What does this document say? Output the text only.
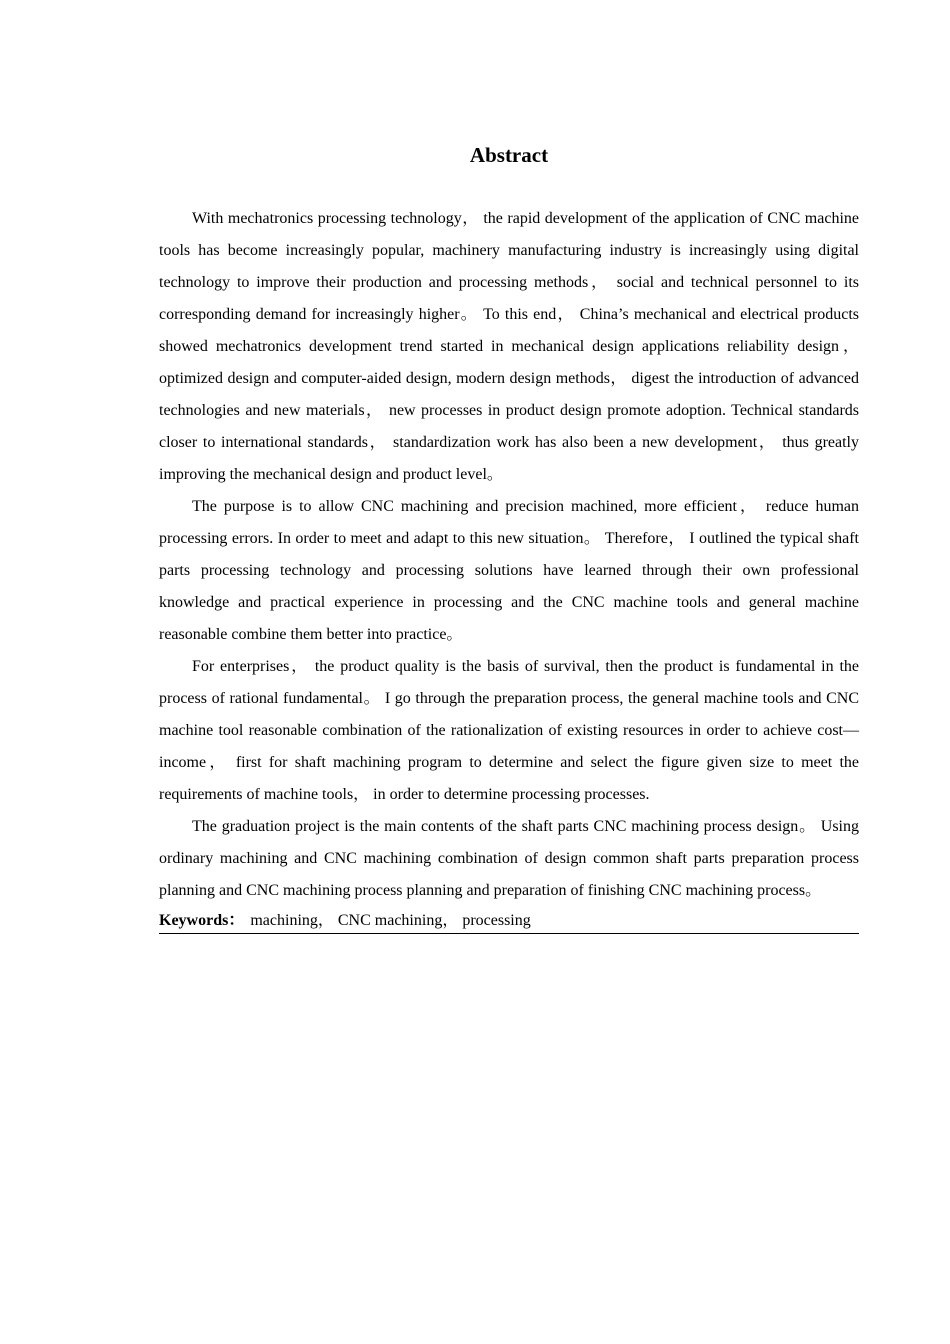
Abstract

With mechatronics processing technology， the rapid development of the application of CNC machine tools has become increasingly popular, machinery manufacturing industry is increasingly using digital technology to improve their production and processing methods， social and technical personnel to its corresponding demand for increasingly higher。 To this end， China’s mechanical and electrical products showed mechatronics development trend started in mechanical design applications reliability design， optimized design and computer-aided design, modern design methods， digest the introduction of advanced technologies and new materials， new processes in product design promote adoption. Technical standards closer to international standards， standardization work has also been a new development， thus greatly improving the mechanical design and product level。

The purpose is to allow CNC machining and precision machined, more efficient， reduce human processing errors. In order to meet and adapt to this new situation。 Therefore， I outlined the typical shaft parts processing technology and processing solutions have learned through their own professional knowledge and practical experience in processing and the CNC machine tools and general machine reasonable combine them better into practice。

For enterprises， the product quality is the basis of survival, then the product is fundamental in the process of rational fundamental。 I go through the preparation process, the general machine tools and CNC machine tool reasonable combination of the rationalization of existing resources in order to achieve cost—income， first for shaft machining program to determine and select the figure given size to meet the requirements of machine tools， in order to determine processing processes.

The graduation project is the main contents of the shaft parts CNC machining process design。 Using ordinary machining and CNC machining combination of design common shaft parts preparation process planning and CNC machining process planning and preparation of finishing CNC machining process。

Keywords： machining， CNC machining， processing
